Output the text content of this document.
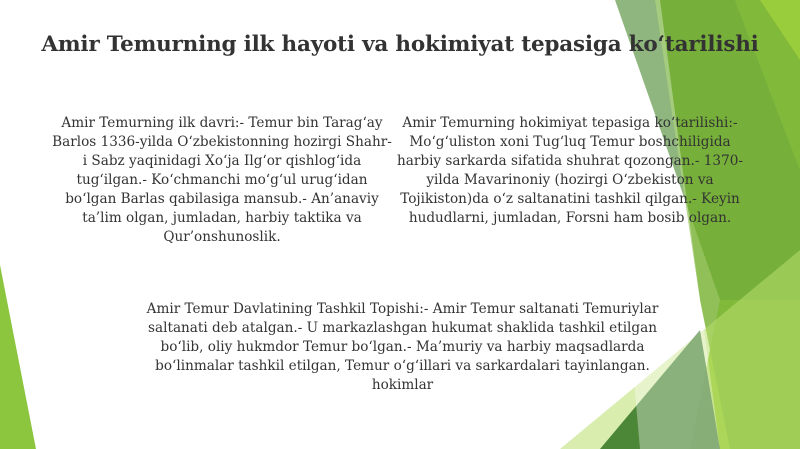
Amir Temurning ilk hayoti va hokimiyat tepasiga ko‘tarilishi
Amir Temurning ilk davri:- Temur bin Tarag‘ay Barlos 1336-yilda O‘zbekistonning hozirgi Shahr-i Sabz yaqinidagi Xo‘ja Ilg‘or qishlog‘ida tug‘ilgan.- Ko‘chmanchi mo‘g‘ul urug‘idan bo‘lgan Barlas qabilasiga mansub.- An’anaviy ta’lim olgan, jumladan, harbiy taktika va Qur’onshunoslik.
Amir Temurning hokimiyat tepasiga ko‘tarilishi:- Mo‘g‘uliston xoni Tug‘luq Temur boshchiligida harbiy sarkarda sifatida shuhrat qozongan.- 1370-yilda Mavarinoniy (hozirgi O‘zbekiston va Tojikiston)da o‘z saltanatini tashkil qilgan.- Keyin hududlarni, jumladan, Forsni ham bosib olgan.
Amir Temur Davlatining Tashkil Topishi:- Amir Temur saltanati Temuriylar saltanati deb atalgan.- U markazlashgan hukumat shaklida tashkil etilgan bo‘lib, oliy hukmdor Temur bo‘lgan.- Ma’muriy va harbiy maqsadlarda bo‘linmalar tashkil etilgan, Temur o‘g‘illari va sarkardalari tayinlangan. hokimlar
